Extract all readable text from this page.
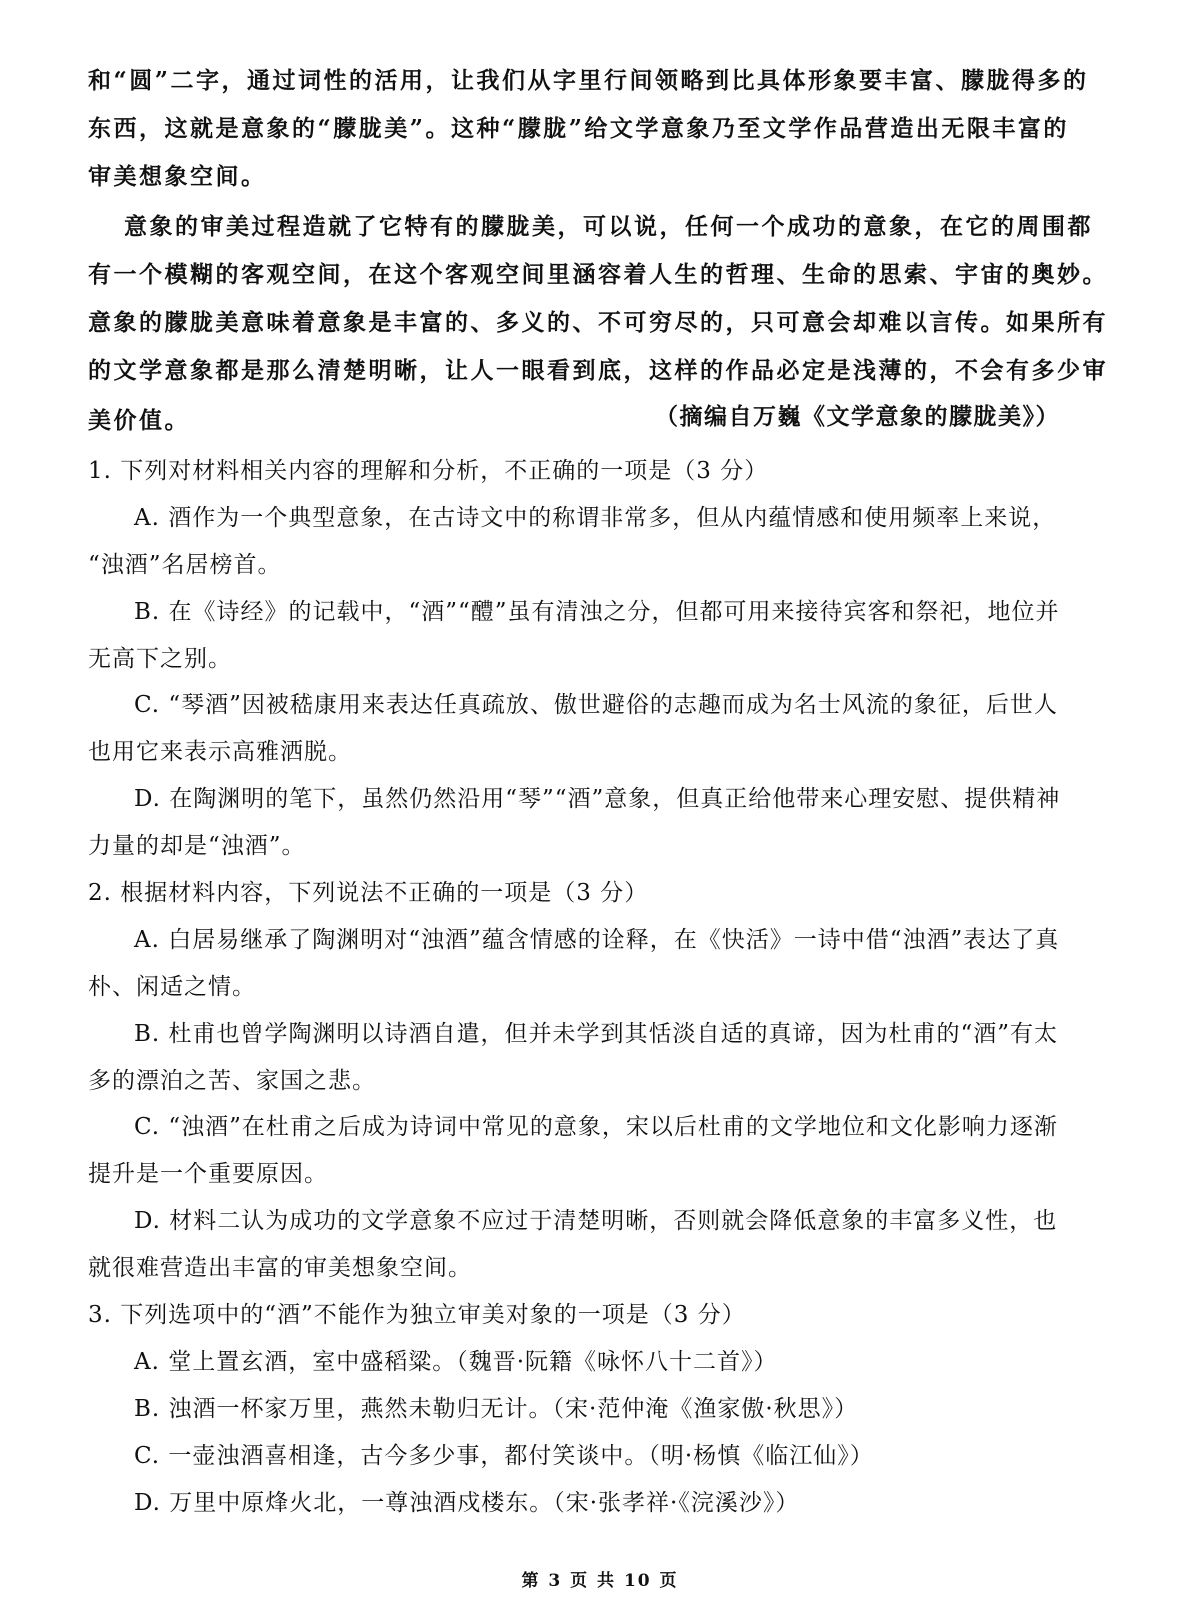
和“圆”二字，通过词性的活用，让我们从字里行间领略到比具体形象要丰富、朦胧得多的
东西，这就是意象的“朦胧美”。这种“朦胧”给文学意象乃至文学作品营造出无限丰富的
审美想象空间。
意象的审美过程造就了它特有的朦胧美，可以说，任何一个成功的意象，在它的周围都
有一个模糊的客观空间，在这个客观空间里涵容着人生的哲理、生命的思索、宇宙的奥妙。
意象的朦胧美意味着意象是丰富的、多义的、不可穷尽的，只可意会却难以言传。如果所有
的文学意象都是那么清楚明晰，让人一眼看到底，这样的作品必定是浅薄的，不会有多少审
美价值。	（摘编自万巍《文学意象的朦胧美》）
1. 下列对材料相关内容的理解和分析，不正确的一项是（3 分）
A. 酒作为一个典型意象，在古诗文中的称谓非常多，但从内蕴情感和使用频率上来说，
“浊酒”名居榜首。
B. 在《诗经》的记载中，“酒”“醴”虽有清浊之分，但都可用来接待宾客和祭祀，地位并
无高下之别。
C. “琴酒”因被嵇康用来表达任真疏放、傲世避俗的志趣而成为名士风流的象征，后世人
也用它来表示高雅洒脱。
D. 在陶渊明的笔下，虽然仍然沿用“琴”“酒”意象，但真正给他带来心理安慰、提供精神
力量的却是“浊酒”。
2. 根据材料内容，下列说法不正确的一项是（3 分）
A. 白居易继承了陶渊明对“浊酒”蕴含情感的诠释，在《快活》一诗中借“浊酒”表达了真
朴、闲适之情。
B. 杜甫也曾学陶渊明以诗酒自遣，但并未学到其恬淡自适的真谛，因为杜甫的“酒”有太
多的漂泊之苦、家国之悲。
C. “浊酒”在杜甫之后成为诗词中常见的意象，宋以后杜甫的文学地位和文化影响力逐渐
提升是一个重要原因。
D. 材料二认为成功的文学意象不应过于清楚明晰，否则就会降低意象的丰富多义性，也
就很难营造出丰富的审美想象空间。
3. 下列选项中的“酒”不能作为独立审美对象的一项是（3 分）
A. 堂上置玄酒，室中盛稻粱。（魏晋·阮籍《咏怀八十二首》）
B. 浊酒一杯家万里，燕然未勒归无计。（宋·范仲淹《渔家傲·秋思》）
C. 一壶浊酒喜相逢，古今多少事，都付笑谈中。（明·杨慎《临江仙》）
D. 万里中原烽火北，一尊浊酒戍楼东。（宋·张孝祥·《浣溪沙》）
第 3 页 共 10 页
